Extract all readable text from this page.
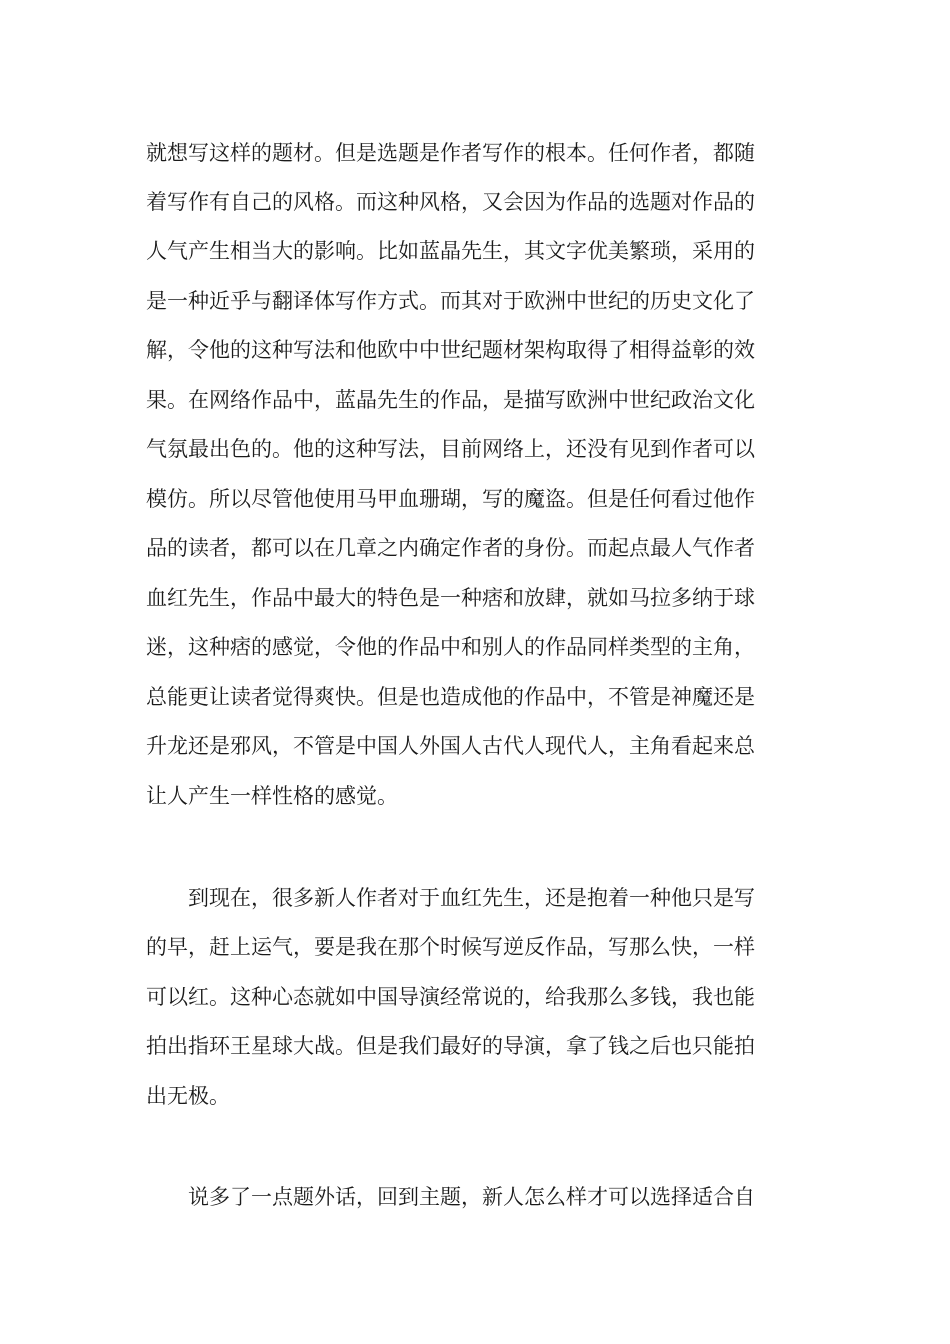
就想写这样的题材。但是选题是作者写作的根本。任何作者，都随
着写作有自己的风格。而这种风格，又会因为作品的选题对作品的
人气产生相当大的影响。比如蓝晶先生，其文字优美繁琐，采用的
是一种近乎与翻译体写作方式。而其对于欧洲中世纪的历史文化了
解，令他的这种写法和他欧中中世纪题材架构取得了相得益彰的效
果。在网络作品中，蓝晶先生的作品，是描写欧洲中世纪政治文化
气氛最出色的。他的这种写法，目前网络上，还没有见到作者可以
模仿。所以尽管他使用马甲血珊瑚，写的魔盗。但是任何看过他作
品的读者，都可以在几章之内确定作者的身份。而起点最人气作者
血红先生，作品中最大的特色是一种痞和放肆，就如马拉多纳于球
迷，这种痞的感觉，令他的作品中和别人的作品同样类型的主角，
总能更让读者觉得爽快。但是也造成他的作品中，不管是神魔还是
升龙还是邪风，不管是中国人外国人古代人现代人，主角看起来总
让人产生一样性格的感觉。
到现在，很多新人作者对于血红先生，还是抱着一种他只是写
的早，赶上运气，要是我在那个时候写逆反作品，写那么快，一样
可以红。这种心态就如中国导演经常说的，给我那么多钱，我也能
拍出指环王星球大战。但是我们最好的导演，拿了钱之后也只能拍
出无极。
说多了一点题外话，回到主题，新人怎么样才可以选择适合自
